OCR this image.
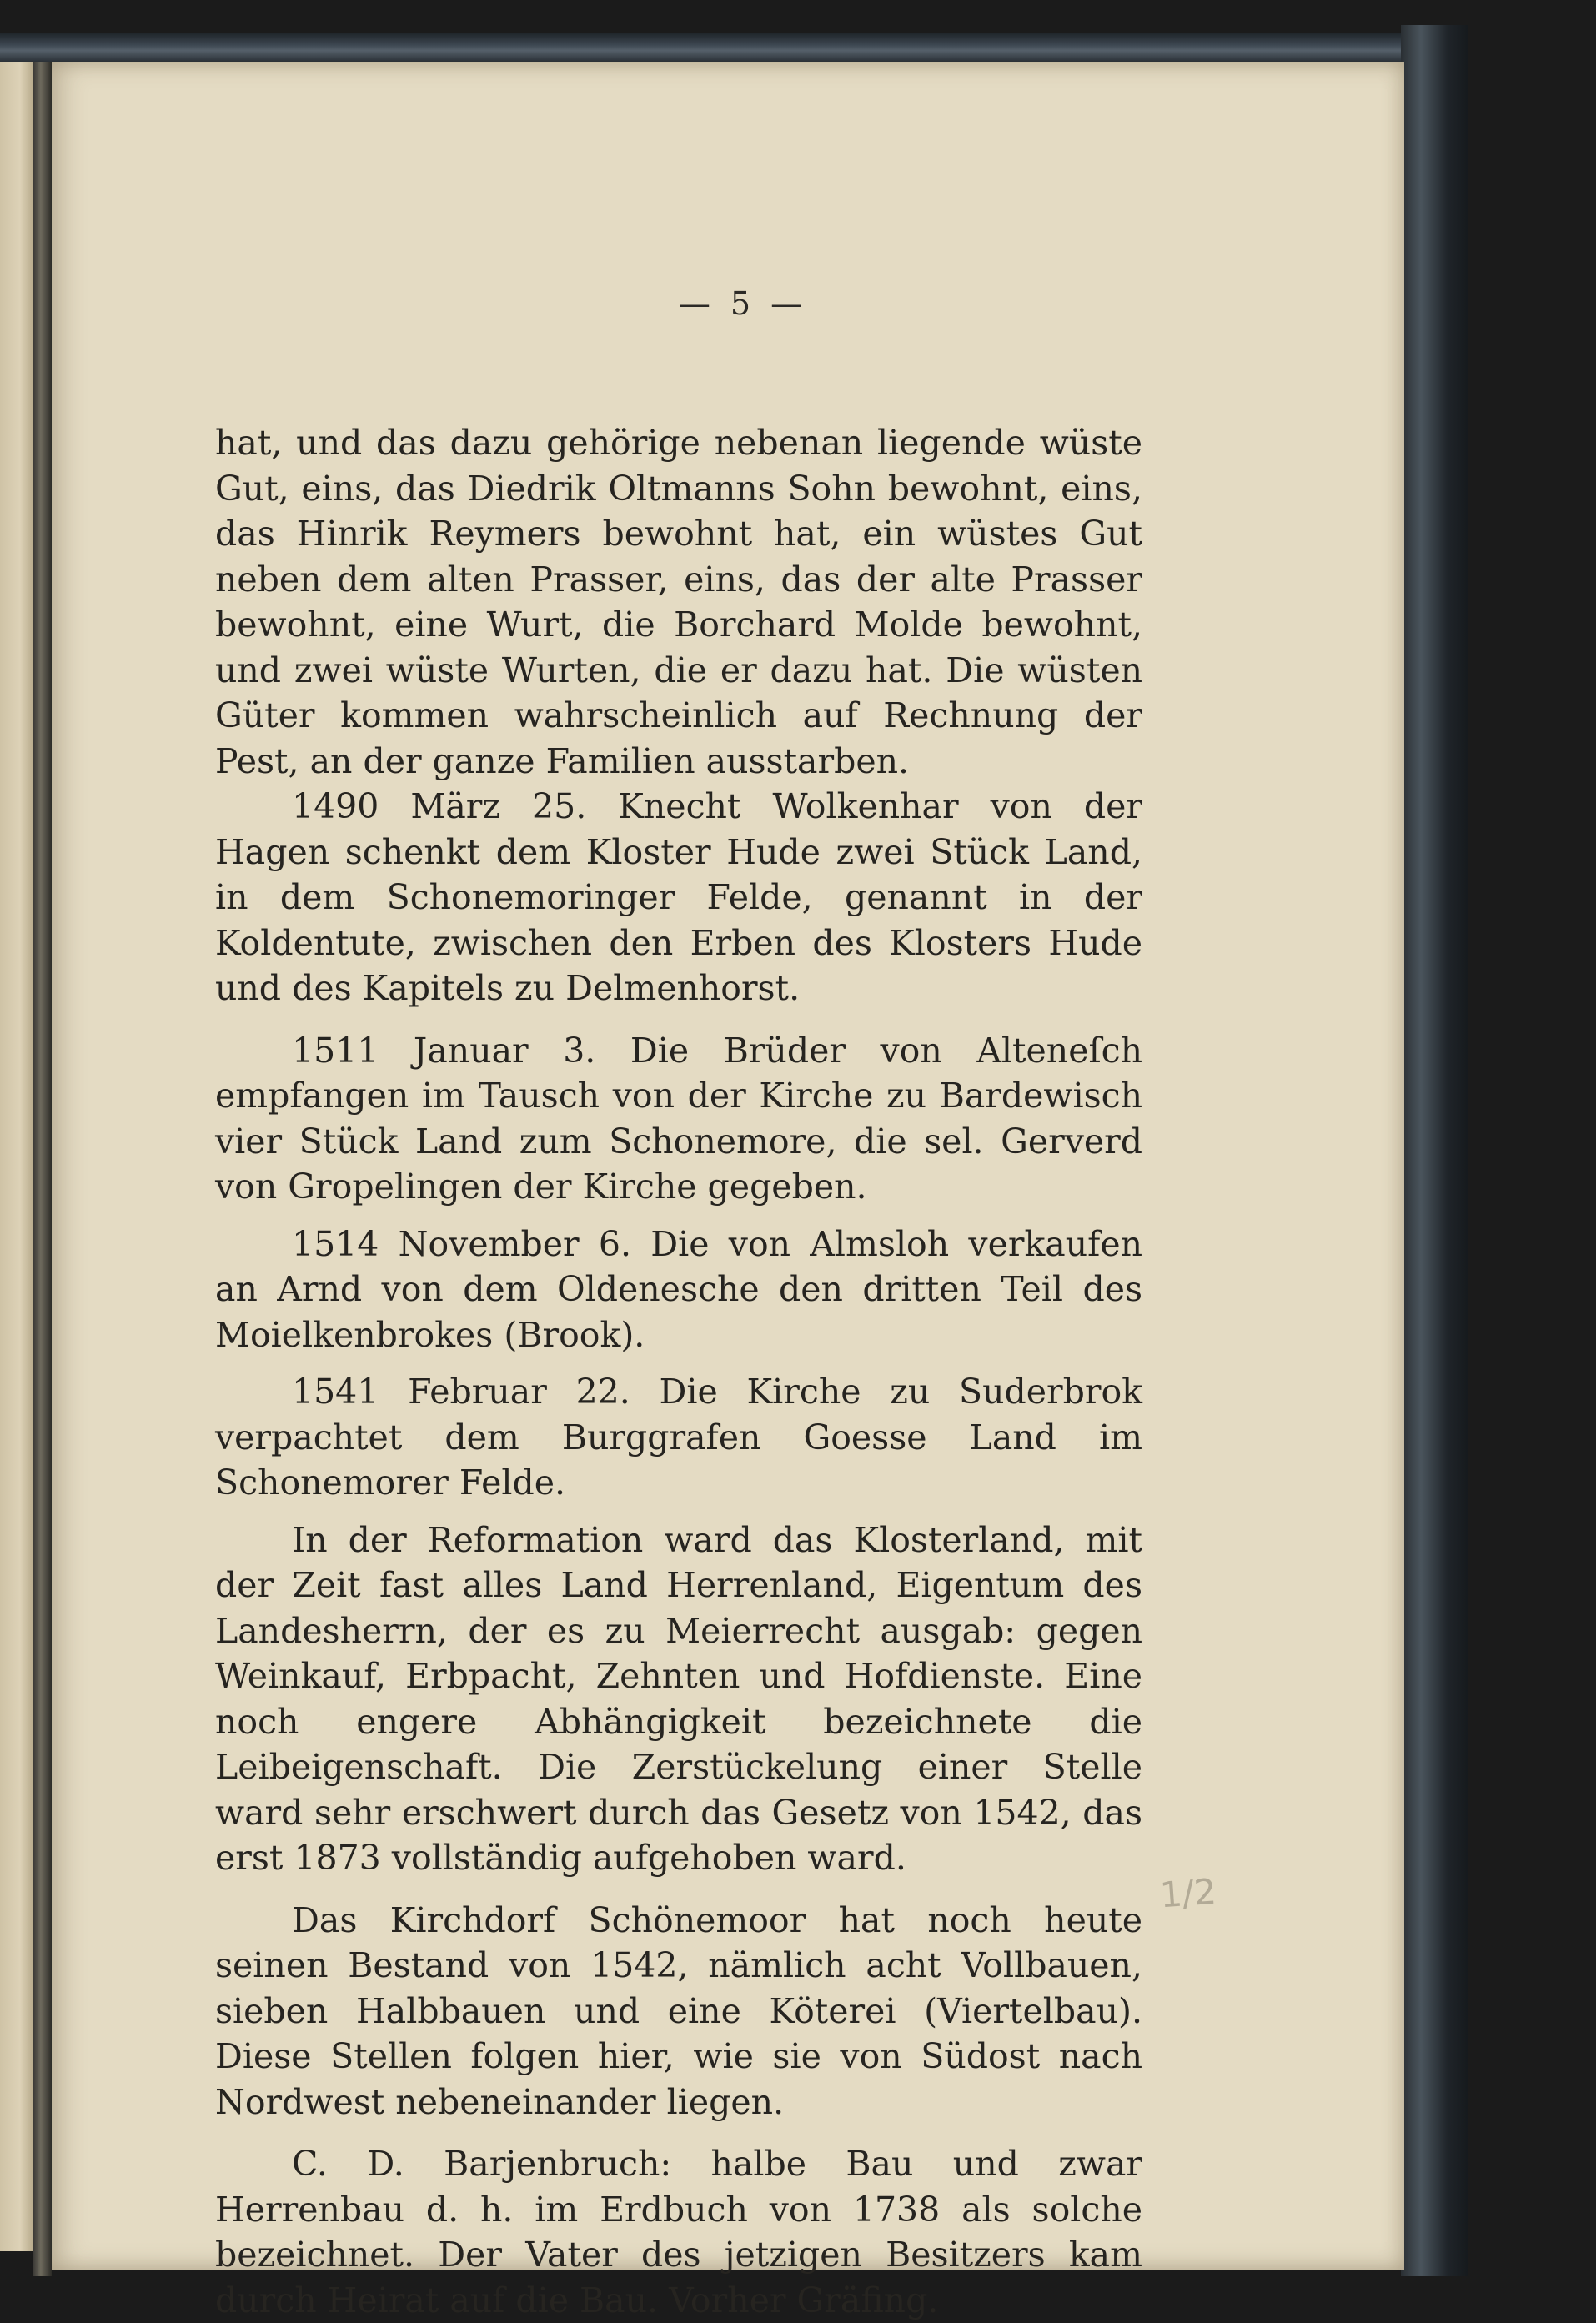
— 5 —

hat, und das dazu gehörige nebenan liegende wüste Gut, eins, das Diedrik Oltmanns Sohn bewohnt, eins, das Hinrik Reymers bewohnt hat, ein wüstes Gut neben dem alten Prasser, eins, das der alte Prasser bewohnt, eine Wurt, die Borchard Molde bewohnt, und zwei wüste Wurten, die er dazu hat. Die wüsten Güter kommen wahrscheinlich auf Rechnung der Pest, an der ganze Familien ausstarben.

1490 März 25. Knecht Wolkenhar von der Hagen schenkt dem Kloster Hude zwei Stück Land, in dem Schonemoringer Felde, genannt in der Koldentute, zwischen den Erben des Klosters Hude und des Kapitels zu Delmenhorst.

1511 Januar 3. Die Brüder von Alteneſch empfangen im Tausch von der Kirche zu Bardewisch vier Stück Land zum Schonemore, die sel. Gerverd von Gropelingen der Kirche gegeben.

1514 November 6. Die von Almsloh verkaufen an Arnd von dem Oldenesche den dritten Teil des Moielkenbrokes (Brook).

1541 Februar 22. Die Kirche zu Suderbrok verpachtet dem Burggrafen Goesse Land im Schonemorer Felde.

In der Reformation ward das Klosterland, mit der Zeit fast alles Land Herrenland, Eigentum des Landesherrn, der es zu Meierrecht ausgab: gegen Weinkauf, Erbpacht, Zehnten und Hofdienste. Eine noch engere Abhängigkeit bezeichnete die Leibeigenschaft. Die Zerstückelung einer Stelle ward sehr erschwert durch das Gesetz von 1542, das erst 1873 vollständig aufgehoben ward.

Das Kirchdorf Schönemoor hat noch heute seinen Bestand von 1542, nämlich acht Vollbauen, sieben Halbbauen und eine Köterei (Viertelbau). Diese Stellen folgen hier, wie sie von Südost nach Nordwest nebeneinander liegen.

C. D. Barjenbruch: halbe Bau und zwar Herrenbau d. h. im Erdbuch von 1738 als solche bezeichnet. Der Vater des jetzigen Besitzers kam durch Heirat auf die Bau. Vorher Gräfing.

1/2
